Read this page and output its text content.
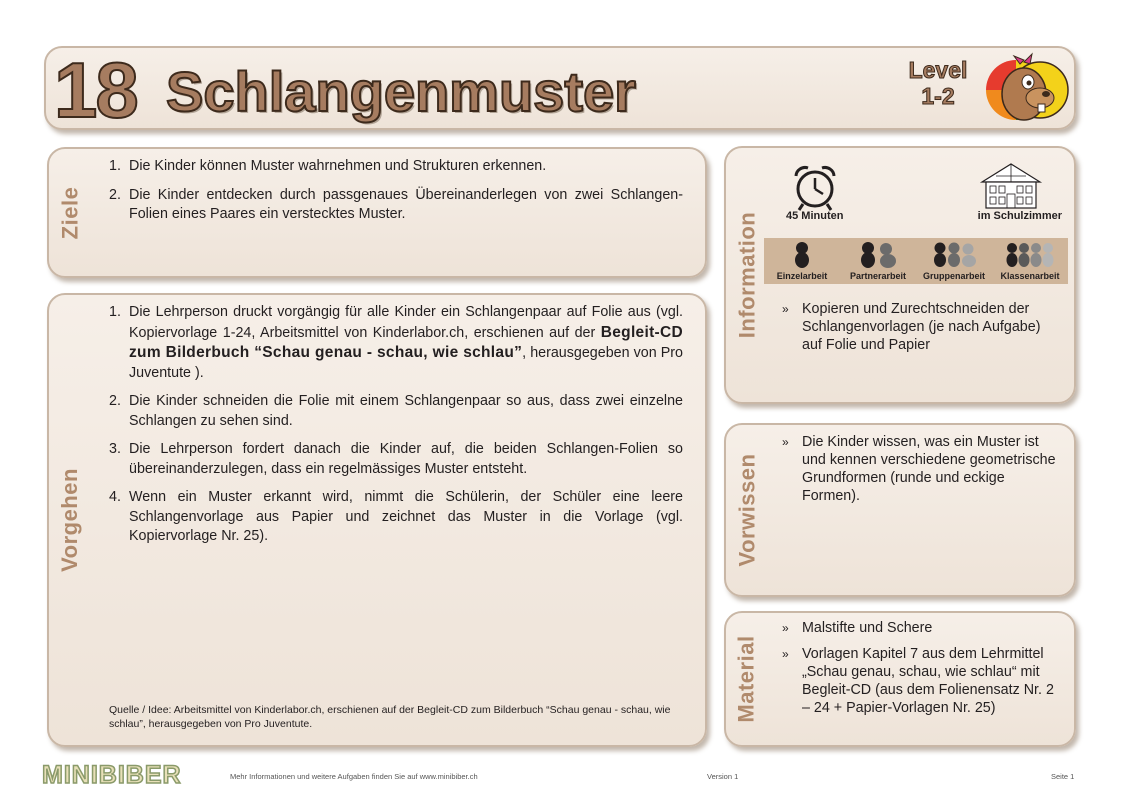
18 Schlangenmuster	Level
1-2
Ziele
1. Die Kinder können Muster wahrnehmen und Strukturen erkennen.
2. Die Kinder entdecken durch passgenaues Übereinanderlegen von zwei Schlangen-Folien eines Paares ein verstecktes Muster.
Vorgehen
1. Die Lehrperson druckt vorgängig für alle Kinder ein Schlangenpaar auf Folie aus (vgl. Kopiervorlage 1-24, Arbeitsmittel von Kinderlabor.ch, erschienen auf der Begleit-CD zum Bilderbuch “Schau genau - schau, wie schlau”, herausgegeben von Pro Juventute ).
2. Die Kinder schneiden die Folie mit einem Schlangenpaar so aus, dass zwei einzelne Schlangen zu sehen sind.
3. Die Lehrperson fordert danach die Kinder auf, die beiden Schlangen-Folien so übereinanderzulegen, dass ein regelmässiges Muster entsteht.
4. Wenn ein Muster erkannt wird, nimmt die Schülerin, der Schüler eine leere Schlangenvorlage aus Papier und zeichnet das Muster in die Vorlage (vgl. Kopiervorlage Nr. 25).
Quelle / Idee: Arbeitsmittel von Kinderlabor.ch, erschienen auf der Begleit-CD zum Bilderbuch “Schau genau - schau, wie schlau”, herausgegeben von Pro Juventute.
Information 45 Minuten	im Schulzimmer
Einzelarbeit	Partnerarbeit	Gruppenarbeit	Klassenarbeit
» Kopieren und Zurechtschneiden der Schlangenvorlagen (je nach Aufgabe) auf Folie und Papier
Vorwissen
» Die Kinder wissen, was ein Muster ist und kennen verschiedene geometrische Grundformen (runde und eckige Formen).
Material
» Malstifte und Schere
» Vorlagen Kapitel 7 aus dem Lehrmittel „Schau genau, schau, wie schlau“ mit Begleit-CD (aus dem Folienensatz Nr. 2 – 24 + Papier-Vorlagen Nr. 25)
MINIBIBER	Mehr Informationen und weitere Aufgaben finden Sie auf www.minibiber.ch	Version 1	Seite 1
